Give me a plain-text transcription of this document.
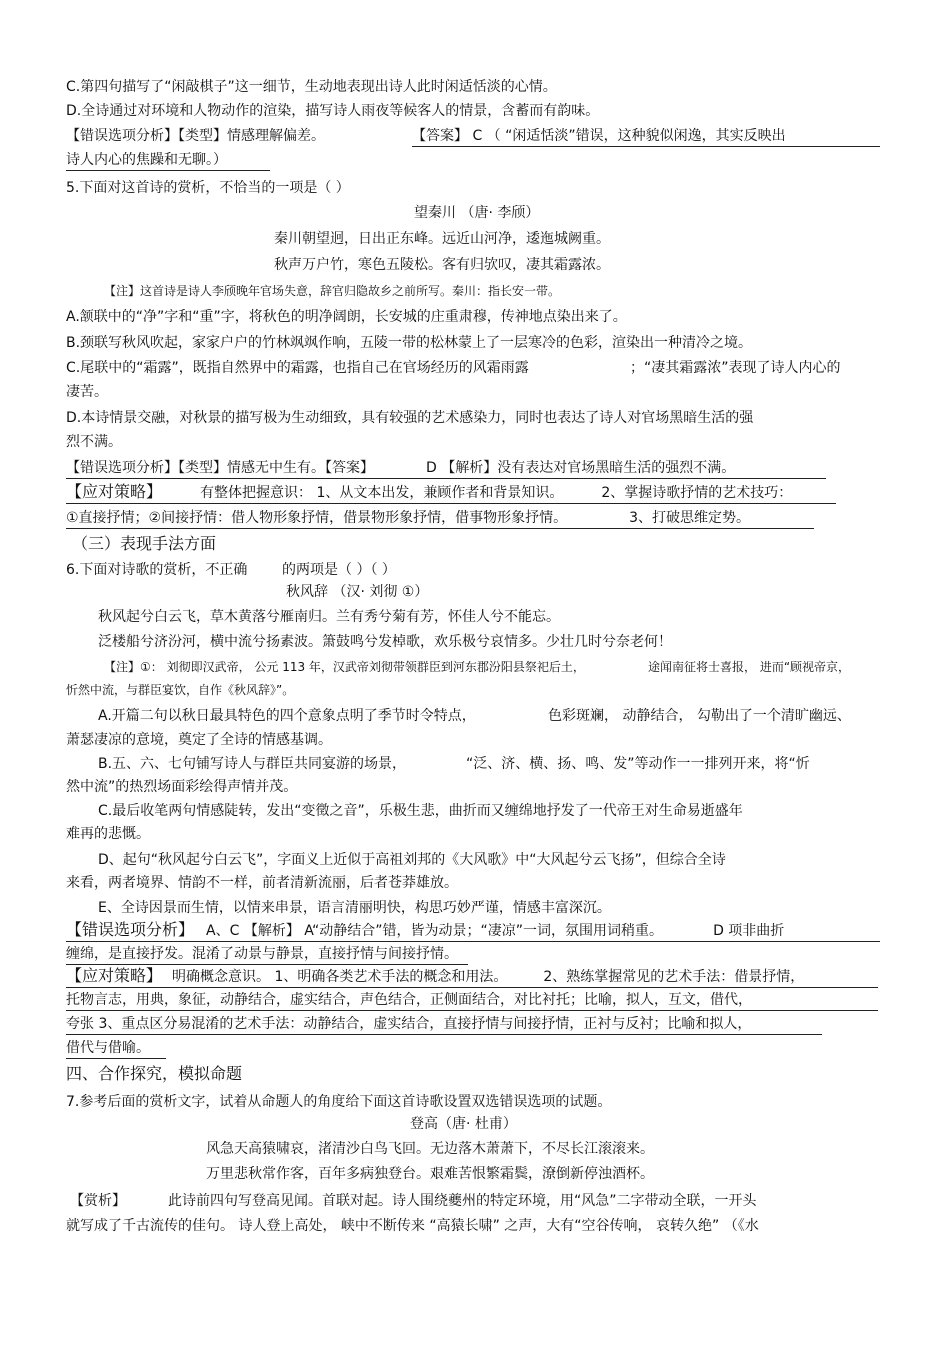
C.第四句描写了“闲敲棋子”这一细节，生动地表现出诗人此时闲适恬淡的心情。
D.全诗通过对环境和人物动作的渲染，描写诗人雨夜等候客人的情景，含蓄而有韵味。
【错误选项分析】【类型】情感理解偏差。	【答案】 C （ “闲适恬淡”错误，这种貌似闲逸，其实反映出
诗人内心的焦躁和无聊。）
5.下面对这首诗的赏析，不恰当的一项是（ ）
望秦川 （唐· 李颀）
秦川朝望迥，日出正东峰。远近山河净，逶迤城阙重。
秋声万户竹，寒色五陵松。客有归欤叹，凄其霜露浓。
【注】这首诗是诗人李颀晚年官场失意，辞官归隐故乡之前所写。秦川：指长安一带。
A.颔联中的“净”字和“重”字，将秋色的明净阔朗，长安城的庄重肃穆，传神地点染出来了。
B.颈联写秋风吹起，家家户户的竹林飒飒作响，五陵一带的松林蒙上了一层寒冷的色彩，渲染出一种清冷之境。
C.尾联中的“霜露”，既指自然界中的霜露，也指自己在官场经历的风霜雨露	；“凄其霜露浓”表现了诗人内心的
凄苦。
D.本诗情景交融，对秋景的描写极为生动细致，具有较强的艺术感染力，同时也表达了诗人对官场黑暗生活的强
烈不满。
【错误选项分析】【类型】情感无中生有。【答案】	D 【解析】没有表达对官场黑暗生活的强烈不满。
【应对策略】	有整体把握意识： 1、从文本出发，兼顾作者和背景知识。	2、掌握诗歌抒情的艺术技巧：
①直接抒情；②间接抒情：借人物形象抒情，借景物形象抒情，借事物形象抒情。	3、打破思维定势。
（三）表现手法方面
6.下面对诗歌的赏析，不正确 的两项是（ ）（ ）
秋风辞 （汉· 刘彻 ①）
秋风起兮白云飞，草木黄落兮雁南归。兰有秀兮菊有芳，怀佳人兮不能忘。
泛楼船兮济汾河，横中流兮扬素波。箫鼓鸣兮发棹歌，欢乐极兮哀情多。少壮几时兮奈老何！
【注】①： 刘彻即汉武帝， 公元 113 年，汉武帝刘彻带领群臣到河东郡汾阳县祭祀后土，	途闻南征将士喜报， 进而“顾视帝京，
忻然中流，与群臣宴饮，自作《秋风辞》”。
A.开篇二句以秋日最具特色的四个意象点明了季节时令特点，	色彩斑斓， 动静结合， 勾勒出了一个清旷幽远、
萧瑟凄凉的意境，奠定了全诗的情感基调。
B.五、六、七句铺写诗人与群臣共同宴游的场景，	“泛、济、横、扬、鸣、发”等动作一一排列开来，将“忻
然中流”的热烈场面彩绘得声情并茂。
C.最后收笔两句情感陡转，发出“变徵之音”，乐极生悲，曲折而又缠绵地抒发了一代帝王对生命易逝盛年
难再的悲慨。
D、起句“秋风起兮白云飞”，字面义上近似于高祖刘邦的《大风歌》中“大风起兮云飞扬”，但综合全诗
来看，两者境界、情韵不一样，前者清新流丽，后者苍莽雄放。
E、全诗因景而生情，以情来串景，语言清丽明快，构思巧妙严谨，情感丰富深沉。
【错误选项分析】 A、C 【解析】 A“动静结合”错，皆为动景；“凄凉”一词，氛围用词稍重。	D 项非曲折
缠绵，是直接抒发。混淆了动景与静景，直接抒情与间接抒情。
【应对策略】 明确概念意识。 1、明确各类艺术手法的概念和用法。	2、熟练掌握常见的艺术手法：借景抒情，
托物言志，用典，象征，动静结合，虚实结合，声色结合，正侧面结合，对比衬托；比喻，拟人，互文，借代，
夸张 3、重点区分易混淆的艺术手法：动静结合，虚实结合，直接抒情与间接抒情，正衬与反衬；比喻和拟人，
借代与借喻。
四、合作探究，模拟命题
7.参考后面的赏析文字，试着从命题人的角度给下面这首诗歌设置双选错误选项的试题。
登高（唐· 杜甫）
风急天高猿啸哀，渚清沙白鸟飞回。无边落木萧萧下，不尽长江滚滚来。
万里悲秋常作客，百年多病独登台。艰难苦恨繁霜鬓，潦倒新停浊酒杯。
【赏析】	此诗前四句写登高见闻。首联对起。诗人围绕夔州的特定环境，用“风急”二字带动全联，一开头
就写成了千古流传的佳句。 诗人登上高处， 峡中不断传来 “高猿长啸” 之声，大有“空谷传响， 哀转久绝” （《水
